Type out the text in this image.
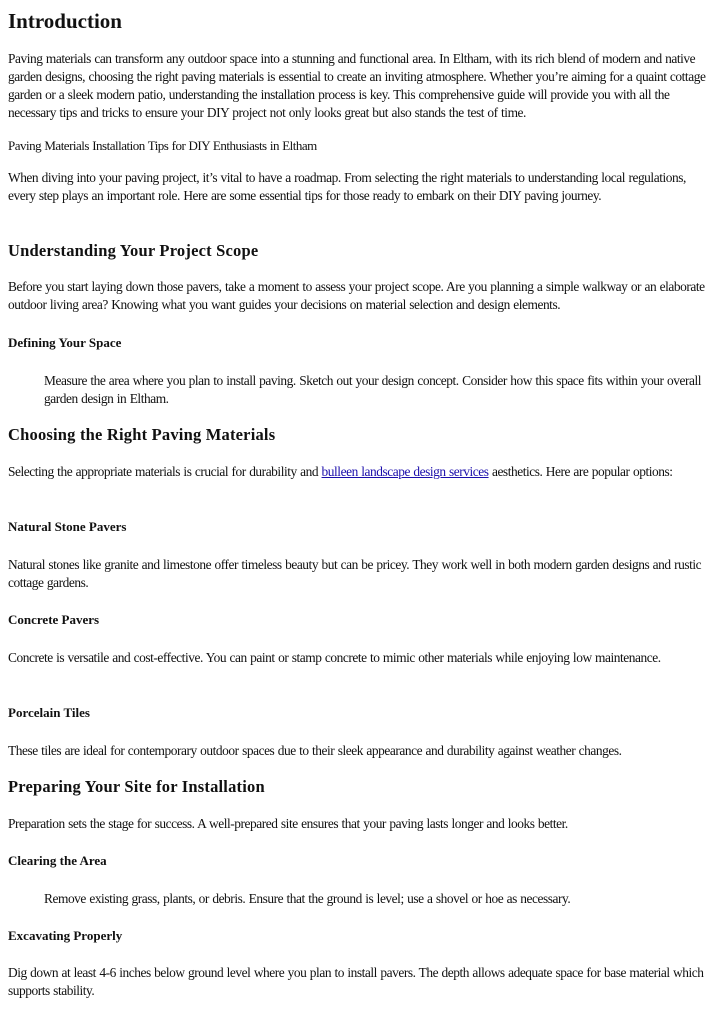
Introduction

Paving materials can transform any outdoor space into a stunning and functional area. In Eltham, with its rich blend of modern and native garden designs, choosing the right paving materials is essential to create an inviting atmosphere. Whether you’re aiming for a quaint cottage garden or a sleek modern patio, understanding the installation process is key. This comprehensive guide will provide you with all the necessary tips and tricks to ensure your DIY project not only looks great but also stands the test of time.

Paving Materials Installation Tips for DIY Enthusiasts in Eltham

When diving into your paving project, it’s vital to have a roadmap. From selecting the right materials to understanding local regulations, every step plays an important role. Here are some essential tips for those ready to embark on their DIY paving journey.

Understanding Your Project Scope

Before you start laying down those pavers, take a moment to assess your project scope. Are you planning a simple walkway or an elaborate outdoor living area? Knowing what you want guides your decisions on material selection and design elements.

Defining Your Space

Measure the area where you plan to install paving. Sketch out your design concept. Consider how this space fits within your overall garden design in Eltham.

Choosing the Right Paving Materials

Selecting the appropriate materials is crucial for durability and bulleen landscape design services aesthetics. Here are popular options:

Natural Stone Pavers

Natural stones like granite and limestone offer timeless beauty but can be pricey. They work well in both modern garden designs and rustic cottage gardens.

Concrete Pavers

Concrete is versatile and cost-effective. You can paint or stamp concrete to mimic other materials while enjoying low maintenance.

Porcelain Tiles

These tiles are ideal for contemporary outdoor spaces due to their sleek appearance and durability against weather changes.

Preparing Your Site for Installation

Preparation sets the stage for success. A well-prepared site ensures that your paving lasts longer and looks better.

Clearing the Area

Remove existing grass, plants, or debris. Ensure that the ground is level; use a shovel or hoe as necessary.

Excavating Properly

Dig down at least 4-6 inches below ground level where you plan to install pavers. The depth allows adequate space for base material which supports stability.
